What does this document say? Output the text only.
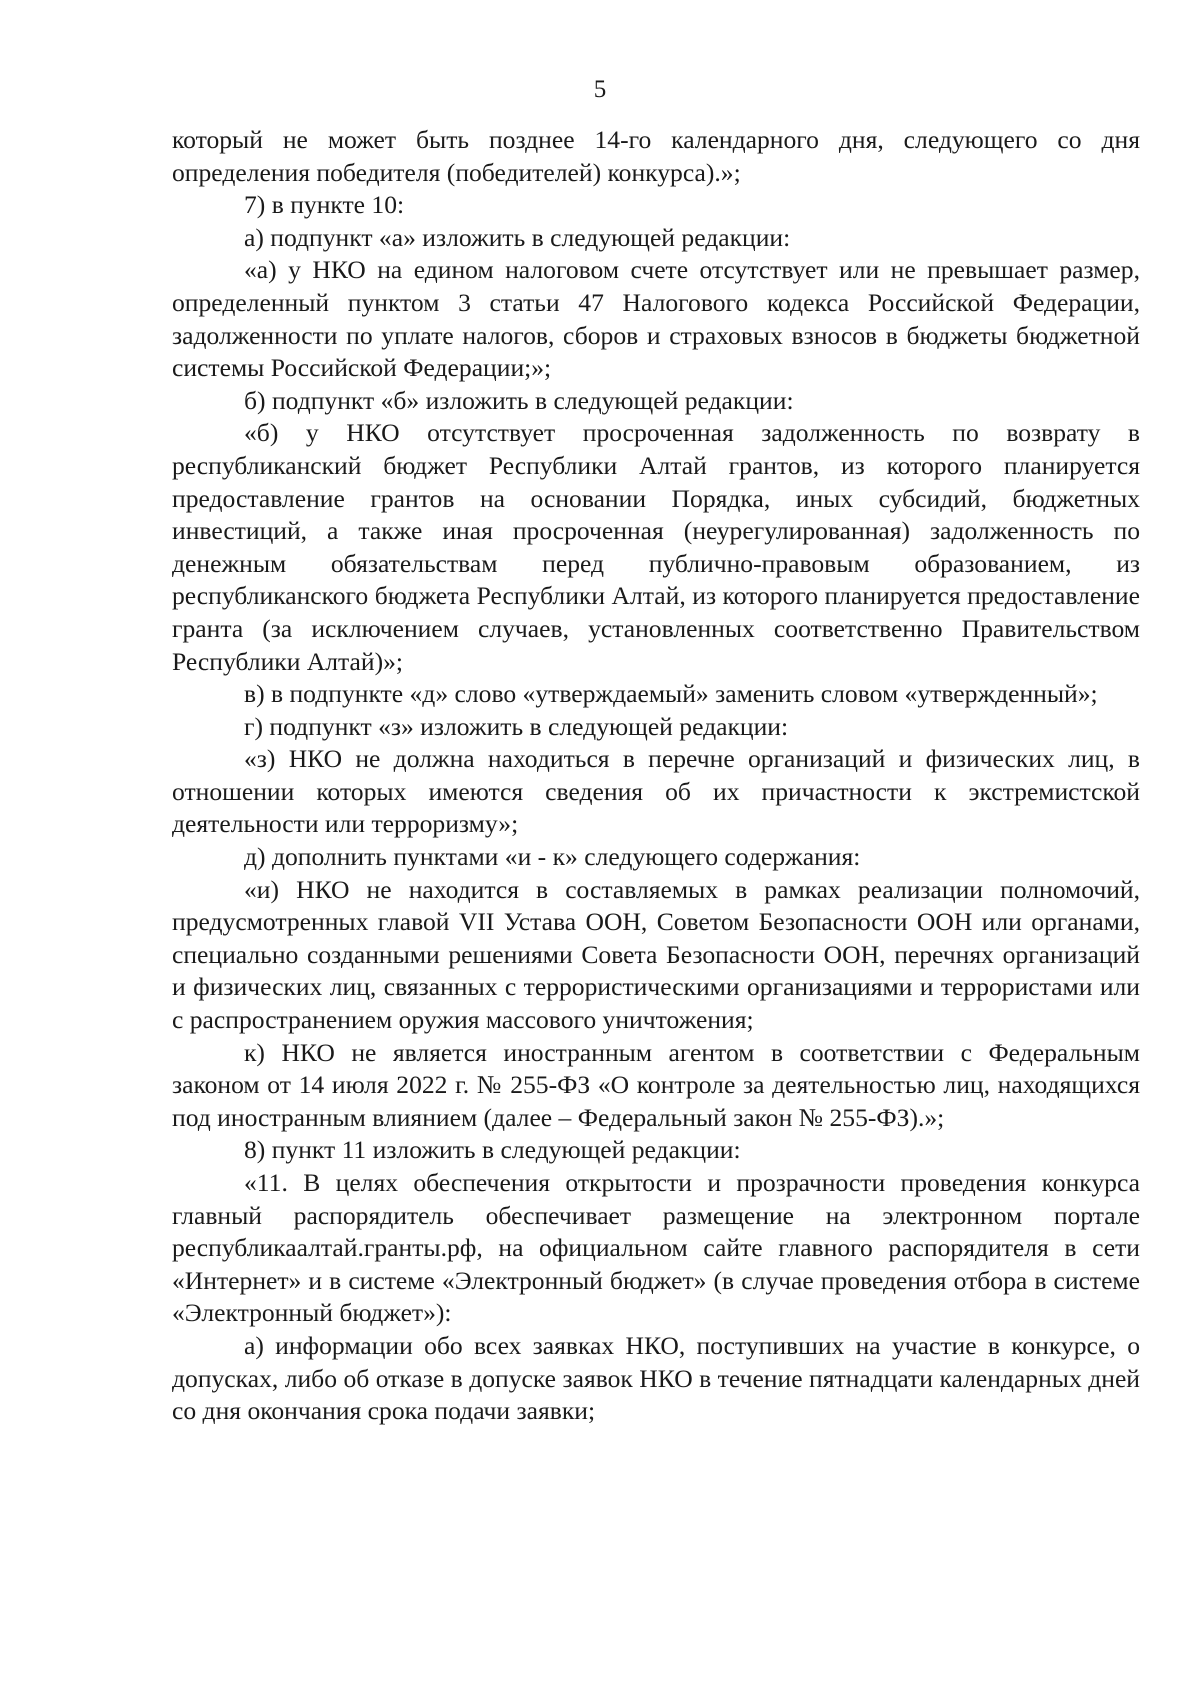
5

который не может быть позднее 14-го календарного дня, следующего со дня определения победителя (победителей) конкурса).»;

7) в пункте 10:

а) подпункт «а» изложить в следующей редакции:

«а) у НКО на едином налоговом счете отсутствует или не превышает размер, определенный пунктом 3 статьи 47 Налогового кодекса Российской Федерации, задолженности по уплате налогов, сборов и страховых взносов в бюджеты бюджетной системы Российской Федерации;»;

б) подпункт «б» изложить в следующей редакции:

«б) у НКО отсутствует просроченная задолженность по возврату в республиканский бюджет Республики Алтай грантов, из которого планируется предоставление грантов на основании Порядка, иных субсидий, бюджетных инвестиций, а также иная просроченная (неурегулированная) задолженность по денежным обязательствам перед публично-правовым образованием, из республиканского бюджета Республики Алтай, из которого планируется предоставление гранта (за исключением случаев, установленных соответственно Правительством Республики Алтай)»;

в) в подпункте «д» слово «утверждаемый» заменить словом «утвержденный»;

г) подпункт «з» изложить в следующей редакции:

«з) НКО не должна находиться в перечне организаций и физических лиц, в отношении которых имеются сведения об их причастности к экстремистской деятельности или терроризму»;

д) дополнить пунктами «и - к» следующего содержания:

«и) НКО не находится в составляемых в рамках реализации полномочий, предусмотренных главой VII Устава ООН, Советом Безопасности ООН или органами, специально созданными решениями Совета Безопасности ООН, перечнях организаций и физических лиц, связанных с террористическими организациями и террористами или с распространением оружия массового уничтожения;

к) НКО не является иностранным агентом в соответствии с Федеральным законом от 14 июля 2022 г. № 255-ФЗ «О контроле за деятельностью лиц, находящихся под иностранным влиянием (далее – Федеральный закон № 255-ФЗ).»;

8) пункт 11 изложить в следующей редакции:

«11. В целях обеспечения открытости и прозрачности проведения конкурса главный распорядитель обеспечивает размещение на электронном портале республикаалтай.гранты.рф, на официальном сайте главного распорядителя в сети «Интернет» и в системе «Электронный бюджет» (в случае проведения отбора в системе «Электронный бюджет»):

а) информации обо всех заявках НКО, поступивших на участие в конкурсе, о допусках, либо об отказе в допуске заявок НКО в течение пятнадцати календарных дней со дня окончания срока подачи заявки;
